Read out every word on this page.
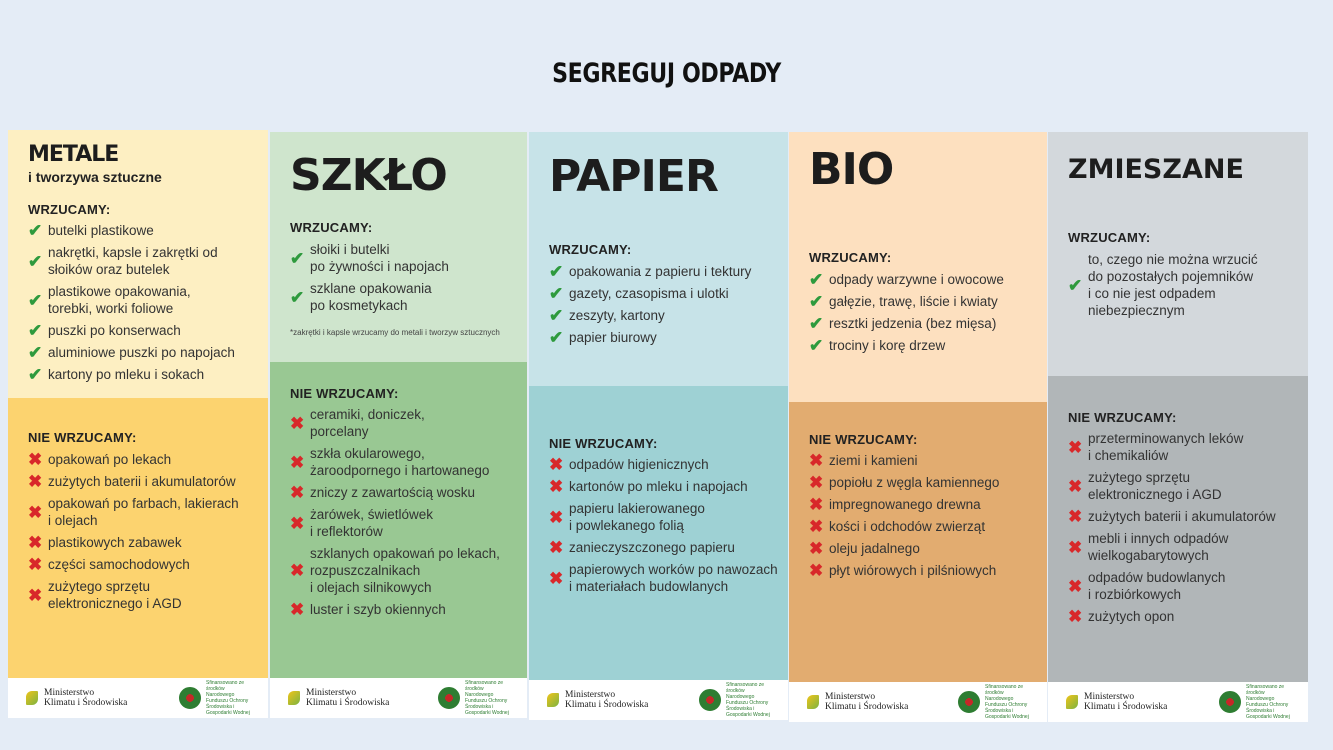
SEGREGUJ ODPADY
METALE
i tworzywa sztuczne
WRZUCAMY:
✔ butelki plastikowe
✔ nakrętki, kapsle i zakrętki od
słoików oraz butelek
✔ plastikowe opakowania,
torebki, worki foliowe
✔ puszki po konserwach
✔ aluminiowe puszki po napojach
✔ kartony po mleku i sokach
NIE WRZUCAMY:
✖ opakowań po lekach
✖ zużytych baterii i akumulatorów
✖ opakowań po farbach, lakierach
i olejach
✖ plastikowych zabawek
✖ części samochodowych
✖ zużytego sprzętu
elektronicznego i AGD
Ministerstwo
Klimatu i Środowiska
Sfinansowano ze środków Narodowego Funduszu Ochrony Środowiska i Gospodarki Wodnej
SZKŁO
WRZUCAMY:
✔ słoiki i butelki
po żywności i napojach
✔ szklane opakowania
po kosmetykach
*zakrętki i kapsle wrzucamy do metali i tworzyw sztucznych
NIE WRZUCAMY:
✖ ceramiki, doniczek,
porcelany
✖ szkła okularowego,
żaroodpornego i hartowanego
✖ zniczy z zawartością wosku
✖ żarówek, świetlówek
i reflektorów
✖
szklanych opakowań po lekach,
rozpuszczalnikach
i olejach silnikowych
✖ luster i szyb okiennych
Ministerstwo
Klimatu i Środowiska
Sfinansowano ze środków Narodowego Funduszu Ochrony Środowiska i Gospodarki Wodnej
PAPIER
WRZUCAMY:
✔ opakowania z papieru i tektury
✔ gazety, czasopisma i ulotki
✔ zeszyty, kartony
✔ papier biurowy
NIE WRZUCAMY:
✖ odpadów higienicznych
✖ kartonów po mleku i napojach
✖ papieru lakierowanego
i powlekanego folią
✖ zanieczyszczonego papieru
✖ papierowych worków po nawozach
i materiałach budowlanych
Ministerstwo
Klimatu i Środowiska
Sfinansowano ze środków Narodowego Funduszu Ochrony Środowiska i Gospodarki Wodnej
BIO
WRZUCAMY:
✔ odpady warzywne i owocowe
✔ gałęzie, trawę, liście i kwiaty
✔ resztki jedzenia (bez mięsa)
✔ trociny i korę drzew
NIE WRZUCAMY:
✖ ziemi i kamieni
✖ popiołu z węgla kamiennego
✖ impregnowanego drewna
✖ kości i odchodów zwierząt
✖ oleju jadalnego
✖ płyt wiórowych i pilśniowych
Ministerstwo
Klimatu i Środowiska
Sfinansowano ze środków Narodowego Funduszu Ochrony Środowiska i Gospodarki Wodnej
ZMIESZANE
WRZUCAMY:
✔
to, czego nie można wrzucić
do pozostałych pojemników
i co nie jest odpadem
niebezpiecznym
NIE WRZUCAMY:
✖ przeterminowanych leków
i chemikaliów
✖ zużytego sprzętu
elektronicznego i AGD
✖ zużytych baterii i akumulatorów
✖ mebli i innych odpadów
wielkogabarytowych
✖ odpadów budowlanych
i rozbiórkowych
✖ zużytych opon
Ministerstwo
Klimatu i Środowiska
Sfinansowano ze środków Narodowego Funduszu Ochrony Środowiska i Gospodarki Wodnej
